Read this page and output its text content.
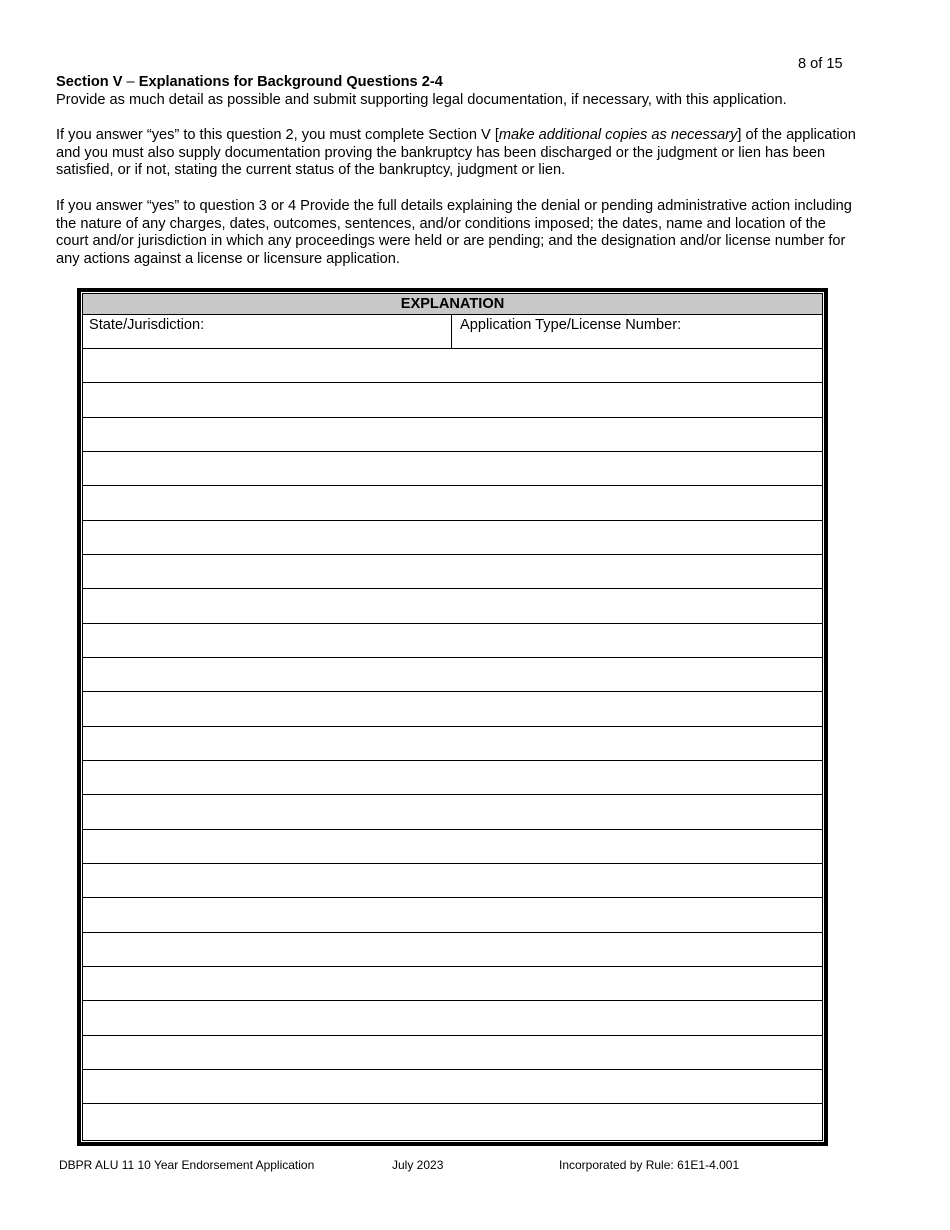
8 of 15
Section V – Explanations for Background Questions 2-4

Provide as much detail as possible and submit supporting legal documentation, if necessary, with this application.

If you answer “yes” to this question 2, you must complete Section V [make additional copies as necessary] of the application and you must also supply documentation proving the bankruptcy has been discharged or the judgment or lien has been satisfied, or if not, stating the current status of the bankruptcy, judgment or lien.

If you answer “yes” to question 3 or 4 Provide the full details explaining the denial or pending administrative action including the nature of any charges, dates, outcomes, sentences, and/or conditions imposed; the dates, name and location of the court and/or jurisdiction in which any proceedings were held or are pending; and the designation and/or license number for any actions against a license or licensure application.

EXPLANATION
State/Jurisdiction:	Application Type/License Number:
DBPR ALU 11 10 Year Endorsement Application	July 2023	Incorporated by Rule: 61E1-4.001
